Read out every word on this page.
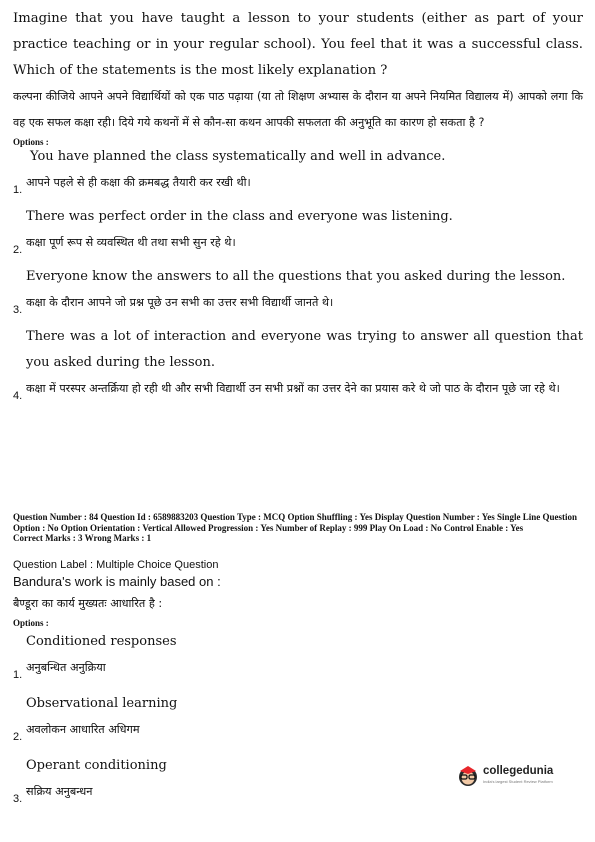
Imagine that you have taught a lesson to your students (either as part of your practice teaching or in your regular school). You feel that it was a successful class. Which of the statements is the most likely explanation ?

कल्पना कीजिये आपने अपने विद्यार्थियों को एक पाठ पढ़ाया (या तो शिक्षण अभ्यास के दौरान या अपने नियमित विद्यालय में) आपको लगा कि वह एक सफल कक्षा रही। दिये गये कथनों में से कौन-सा कथन आपकी सफलता की अनुभूति का कारण हो सकता है ?

Options :
You have planned the class systematically and well in advance.
आपने पहले से ही कक्षा की क्रमबद्ध तैयारी कर रखी थी।
1.
There was perfect order in the class and everyone was listening.
कक्षा पूर्ण रूप से व्यवस्थित थी तथा सभी सुन रहे थे।
2.
Everyone know the answers to all the questions that you asked during the lesson.
कक्षा के दौरान आपने जो प्रश्न पूछे उन सभी का उत्तर सभी विद्यार्थी जानते थे।
3.
There was a lot of interaction and everyone was trying to answer all question that you asked during the lesson.
कक्षा में परस्पर अन्तर्क्रिया हो रही थी और सभी विद्यार्थी उन सभी प्रश्नों का उत्तर देने का प्रयास करे थे जो पाठ के दौरान पूछे जा रहे थे।
4.
Question Number : 84 Question Id : 6589883203 Question Type : MCQ Option Shuffling : Yes Display Question Number : Yes Single Line Question Option : No Option Orientation : Vertical Allowed Progression : Yes Number of Replay : 999 Play On Load : No Control Enable : Yes
Correct Marks : 3 Wrong Marks : 1
Question Label : Multiple Choice Question
Bandura's work is mainly based on :
बैण्डूरा का कार्य मुख्यतः आधारित है :
Options :
Conditioned responses
अनुबन्धित अनुक्रिया
1.
Observational learning
अवलोकन आधारित अधिगम
2.
Operant conditioning
सक्रिय अनुबन्धन
3.
collegedunia
India's largest Student Review Platform
